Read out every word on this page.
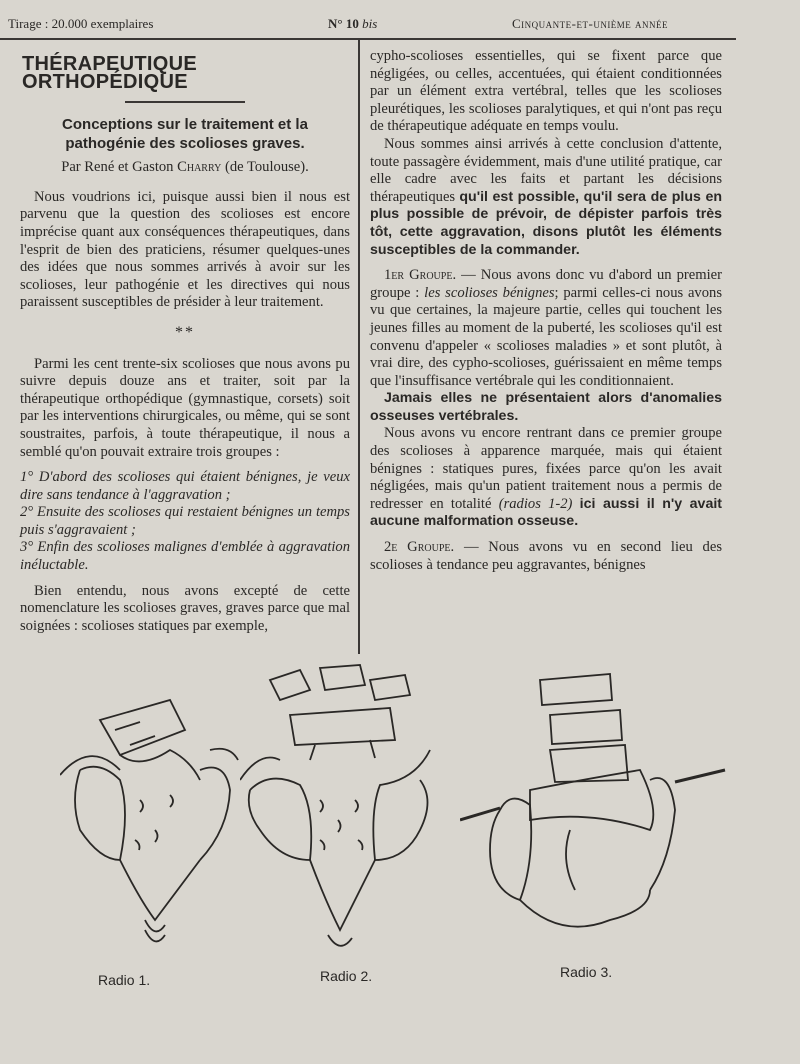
Tirage : 20.000 exemplaires	N° 10 bis	Cinquante-et-unième année
THÉRAPEUTIQUE ORTHOPÉDIQUE
Conceptions sur le traitement et la pathogénie des scolioses graves.
Par René et Gaston Charry (de Toulouse).

Nous voudrions ici, puisque aussi bien il nous est parvenu que la question des scolioses est encore imprécise quant aux conséquences thérapeutiques, dans l'esprit de bien des praticiens, résumer quelques-unes des idées que nous sommes arrivés à avoir sur les scolioses, leur pathogénie et les directives qui nous paraissent susceptibles de présider à leur traitement.

**

Parmi les cent trente-six scolioses que nous avons pu suivre depuis douze ans et traiter, soit par la thérapeutique orthopédique (gymnastique, corsets) soit par les interventions chirurgicales, ou même, qui se sont soustraites, parfois, à toute thérapeutique, il nous a semblé qu'on pouvait extraire trois groupes :

1° D'abord des scolioses qui étaient bénignes, je veux dire sans tendance à l'aggravation ;

2° Ensuite des scolioses qui restaient bénignes un temps puis s'aggravaient ;

3° Enfin des scolioses malignes d'emblée à aggravation inéluctable.

Bien entendu, nous avons excepté de cette nomenclature les scolioses graves, graves parce que mal soignées : scolioses statiques par exemple,

cypho-scolioses essentielles, qui se fixent parce que négligées, ou celles, accentuées, qui étaient conditionnées par un élément extra vertébral, telles que les scolioses pleurétiques, les scolioses paralytiques, et qui n'ont pas reçu de thérapeutique adéquate en temps voulu.

Nous sommes ainsi arrivés à cette conclusion d'attente, toute passagère évidemment, mais d'une utilité pratique, car elle cadre avec les faits et partant les décisions thérapeutiques qu'il est possible, qu'il sera de plus en plus possible de prévoir, de dépister parfois très tôt, cette aggravation, disons plutôt les éléments susceptibles de la commander.

1er Groupe. — Nous avons donc vu d'abord un premier groupe : les scolioses bénignes; parmi celles-ci nous avons vu que certaines, la majeure partie, celles qui touchent les jeunes filles au moment de la puberté, les scolioses qu'il est convenu d'appeler « scolioses maladies » et sont plutôt, à vrai dire, des cypho-scolioses, guérissaient en même temps que l'insuffisance vertébrale qui les conditionnaient.

Jamais elles ne présentaient alors d'anomalies osseuses vertébrales.

Nous avons vu encore rentrant dans ce premier groupe des scolioses à apparence marquée, mais qui étaient bénignes : statiques pures, fixées parce qu'on les avait négligées, mais qu'un patient traitement nous a permis de redresser en totalité (radios 1-2) ici aussi il n'y avait aucune malformation osseuse.

2e Groupe. — Nous avons vu en second lieu des scolioses à tendance peu aggravantes, bénignes

Radio 1.	Radio 2.	Radio 3.
